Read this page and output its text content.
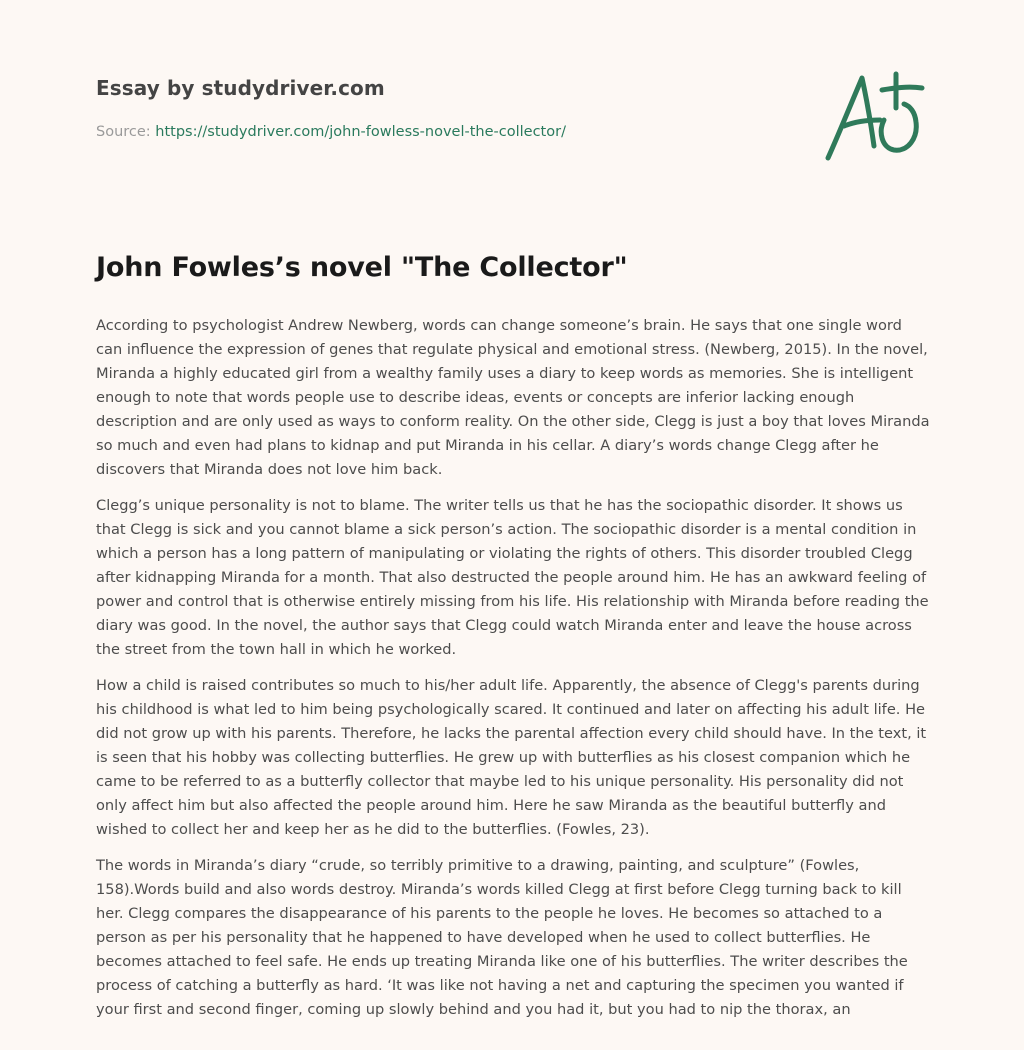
Essay by studydriver.com
Source: https://studydriver.com/john-fowless-novel-the-collector/
John Fowles’s novel "The Collector"

According to psychologist Andrew Newberg, words can change someone’s brain. He says that one single word can influence the expression of genes that regulate physical and emotional stress. (Newberg, 2015). In the novel, Miranda a highly educated girl from a wealthy family uses a diary to keep words as memories. She is intelligent enough to note that words people use to describe ideas, events or concepts are inferior lacking enough description and are only used as ways to conform reality. On the other side, Clegg is just a boy that loves Miranda so much and even had plans to kidnap and put Miranda in his cellar. A diary’s words change Clegg after he discovers that Miranda does not love him back.

Clegg’s unique personality is not to blame. The writer tells us that he has the sociopathic disorder. It shows us that Clegg is sick and you cannot blame a sick person’s action. The sociopathic disorder is a mental condition in which a person has a long pattern of manipulating or violating the rights of others. This disorder troubled Clegg after kidnapping Miranda for a month. That also destructed the people around him. He has an awkward feeling of power and control that is otherwise entirely missing from his life. His relationship with Miranda before reading the diary was good. In the novel, the author says that Clegg could watch Miranda enter and leave the house across the street from the town hall in which he worked.

How a child is raised contributes so much to his/her adult life. Apparently, the absence of Clegg's parents during his childhood is what led to him being psychologically scared. It continued and later on affecting his adult life. He did not grow up with his parents. Therefore, he lacks the parental affection every child should have. In the text, it is seen that his hobby was collecting butterflies. He grew up with butterflies as his closest companion which he came to be referred to as a butterfly collector that maybe led to his unique personality. His personality did not only affect him but also affected the people around him. Here he saw Miranda as the beautiful butterfly and wished to collect her and keep her as he did to the butterflies. (Fowles, 23).

The words in Miranda’s diary “crude, so terribly primitive to a drawing, painting, and sculpture” (Fowles, 158).Words build and also words destroy. Miranda’s words killed Clegg at first before Clegg turning back to kill her. Clegg compares the disappearance of his parents to the people he loves. He becomes so attached to a person as per his personality that he happened to have developed when he used to collect butterflies. He becomes attached to feel safe. He ends up treating Miranda like one of his butterflies. The writer describes the process of catching a butterfly as hard. ‘It was like not having a net and capturing the specimen you wanted if your first and second finger, coming up slowly behind and you had it, but you had to nip the thorax, an
